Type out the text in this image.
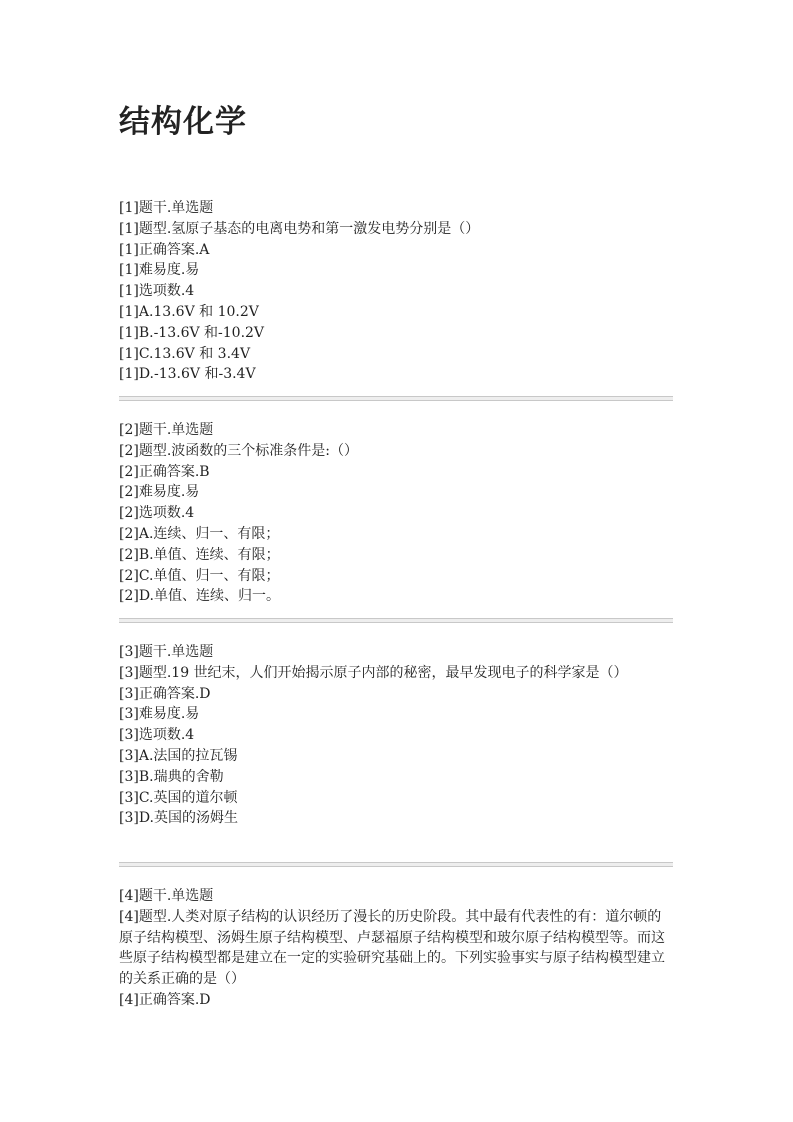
结构化学
[1]题干.单选题
[1]题型.氢原子基态的电离电势和第一激发电势分别是（）
[1]正确答案.A
[1]难易度.易
[1]选项数.4
[1]A.13.6V 和 10.2V
[1]B.-13.6V 和-10.2V
[1]C.13.6V 和 3.4V
[1]D.-13.6V 和-3.4V
[2]题干.单选题
[2]题型.波函数的三个标准条件是:（）
[2]正确答案.B
[2]难易度.易
[2]选项数.4
[2]A.连续、归一、有限；
[2]B.单值、连续、有限；
[2]C.单值、归一、有限；
[2]D.单值、连续、归一。
[3]题干.单选题
[3]题型.19 世纪末，人们开始揭示原子内部的秘密，最早发现电子的科学家是（）
[3]正确答案.D
[3]难易度.易
[3]选项数.4
[3]A.法国的拉瓦锡
[3]B.瑞典的舍勒
[3]C.英国的道尔顿
[3]D.英国的汤姆生
[4]题干.单选题
[4]题型.人类对原子结构的认识经历了漫长的历史阶段。其中最有代表性的有：道尔顿的原子结构模型、汤姆生原子结构模型、卢瑟福原子结构模型和玻尔原子结构模型等。而这些原子结构模型都是建立在一定的实验研究基础上的。下列实验事实与原子结构模型建立的关系正确的是（）
[4]正确答案.D
